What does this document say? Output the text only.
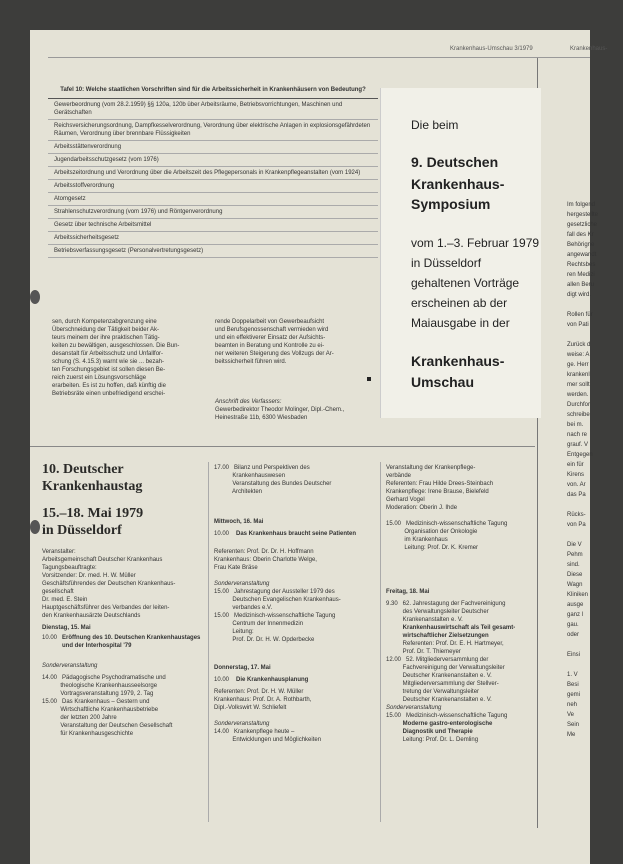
Krankenhaus-Umschau 3/1979	Krankenhaus-
Tafel 10: Welche staatlichen Vorschriften sind für die Arbeitssicherheit in Krankenhäusern von Bedeutung?
Gewerbeordnung (vom 28.2.1959) §§ 120a, 120b über Arbeitsräume, Betriebsvorrichtungen, Maschinen und Gerätschaften
Reichsversicherungsordnung, Dampfkesselverordnung, Verordnung über elektrische Anlagen in explosionsgefährdeten Räumen, Verordnung über brennbare Flüssigkeiten
Arbeitsstättenverordnung
Jugendarbeitsschutzgesetz (vom 1976)
Arbeitszeitordnung und Verordnung über die Arbeitszeit des Pflegepersonals in Krankenpflegeanstalten (vom 1924)
Arbeitsstoffverordnung
Atomgesetz
Strahlenschutzverordnung (vom 1976) und Röntgenverordnung
Gesetz über technische Arbeitsmittel
Arbeitssicherheitsgesetz
Betriebsverfassungsgesetz (Personalvertretungsgesetz)
Die beim
9. Deutschen
Krankenhaus-
Symposium
vom 1.–3. Februar 1979
in Düsseldorf
gehaltenen Vorträge
erscheinen ab der
Maiausgabe in der
Krankenhaus-
Umschau
sen, durch Kompetenzabgrenzung eine
Überschneidung der Tätigkeit beider Ak-
teurs meinem der ihre praktischen Tätig-
keiten zu bewältigen, ausgeschlossen. Die Bun-
desanstalt für Arbeitsschutz und Unfallfor-
schung (S. 4.15.3) warnt wie sie ... bezah-
ten Forschungsgebiet ist sollen diesen Be-
reich zuerst ein Lösungsvorschläge
erarbeiten. Es ist zu hoffen, daß künftig die
Betriebsräte einen unbefriedigend erschei-
rende Doppelarbeit von Gewerbeaufsicht
und Berufsgenossenschaft vermieden wird
und ein effektiverer Einsatz der Aufsichts-
beamten in Beratung und Kontrolle zu ei-
ner weiteren Steigerung des Vollzugs der Ar-
beitssicherheit führen wird.
Anschrift des Verfassers:
Gewerbedirektor Theodor Molinger, Dipl.-Chem., Heinestraße 11b, 6300 Wiesbaden
10. Deutscher
Krankenhaustag
15.–18. Mai 1979
in Düsseldorf
Veranstalter:
Arbeitsgemeinschaft Deutscher Krankenhaus
Tagungsbeauftragte:
Vorsitzender: Dr. med. H. W. Müller
Geschäftsführendes der Deutschen Krankenhaus-
gesellschaft
Dr. med. E. Stein
Hauptgeschäftsführer des Verbandes der leiten-
den Krankenhausärzte Deutschlands
Dienstag, 15. Mai
10.00 Eröffnung des 10. Deutschen Krankenhaustages und der Interhospital '79
Sonderveranstaltung
14.00   Pädagogische Psychodramatische und
theologische Krankenhausseelsorge
Vortragsveranstaltung 1979, 2. Tag
15.00   Das Krankenhaus – Gestern und
Wirtschaftliche Krankenhausbetriebe
der letzten 200 Jahre
Veranstaltung der Deutschen Gesellschaft
für Krankenhausgeschichte
17.00   Bilanz und Perspektiven des
Krankenhauswesen
Veranstaltung des Bundes Deutscher
Architekten
Mittwoch, 16. Mai
10.00 Das Krankenhaus braucht seine Patienten
Referenten: Prof. Dr. Dr. H. Hoffmann
Krankenhaus: Oberin Charlotte Welge,
Frau Kate Bräse

Sonderveranstaltung
15.00   Jahrestagung der Aussteller 1979 des
Deutschen Evangelischen Krankenhaus-
verbandes e.V.
15.00   Medizinisch-wissenschaftliche Tagung
Centrum der Innenmedizin
Leitung:
Prof. Dr. Dr. H. W. Opderbecke
Donnerstag, 17. Mai
10.00 Die Krankenhausplanung
Referenten: Prof. Dr. H. W. Müller
Krankenhaus: Prof. Dr. A. Rothbarth,
Dipl.-Volkswirt W. Schliefelt

Sonderveranstaltung
14.00   Krankenpflege heute –
Entwicklungen und Möglichkeiten
Veranstaltung der Krankenpflege-
verbände
Referenten: Frau Hilde Drees-Steinbach
Krankenpflege: Irene Brause, Bielefeld
Gerhard Vogel
Moderation: Oberin J. Ihde

15.00   Medizinisch-wissenschaftliche Tagung
Organisation der Onkologie
im Krankenhaus
Leitung: Prof. Dr. K. Kremer
Freitag, 18. Mai
9.30   62. Jahrestagung der Fachvereinigung
des Verwaltungsleiter Deutscher
Krankenanstalten e. V.
Krankenhauswirtschaft als Teil gesamt-
wirtschaftlicher Zielsetzungen
Referenten: Prof. Dr. E. H. Hartmeyer,
Prof. Dr. T. Thiemeyer
12.00   52. Mitgliederversammlung der
Fachvereinigung der Verwaltungsleiter
Deutscher Krankenanstalten e. V.
Mitgliederversammlung der Stellver-
tretung der Verwaltungsleiter
Deutscher Krankenanstalten e. V.
Sonderveranstaltung
15.00   Medizinisch-wissenschaftliche Tagung
Moderne gastro-enterologische
Diagnostik und Therapie
Leitung: Prof. Dr. L. Demling
Im folgend
hergestellte
gesetzliche
fall des Kr
Behörigne
angewandt
Rechtsbes
ren Medizi
allen Beru
digt wird.

Rollen für
von Pati

Zurück d
weise: A
ge. Herr
krankenl
mer sollt
werden.
Durchfor
schreibe
bei m.
nach re
grauf. V
Entgegen
ein für
Kirens
von. Ar
das Pa

Rücks-
von Pa

Die V
Pehm
sind.
Diese
Wagn
Kliniken
ausge
ganz l
gau.
oder

Einsi

1. V
Besi
gemi
neh
Ve
Sein
Me
